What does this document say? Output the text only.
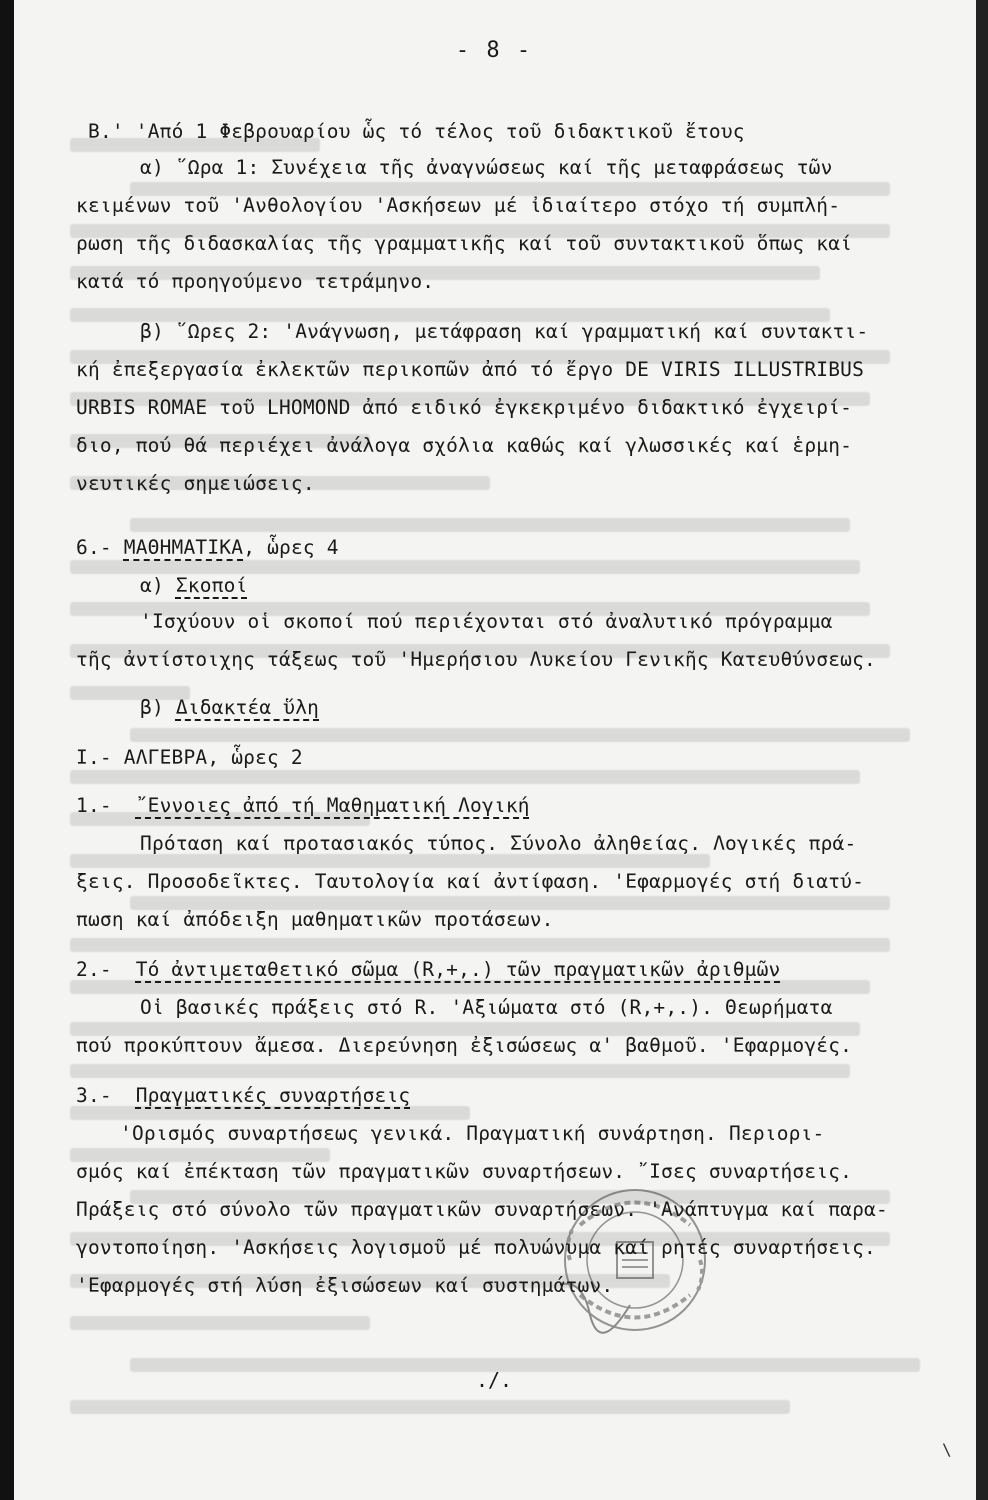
- 8 -
Β.' 'Από 1 Φεβρουαρίου ὧς τό τέλος τοῦ διδακτικοῦ ἔτους
α) ῞Ωρα 1: Συνέχεια τῆς ἀναγνώσεως καί τῆς μεταφράσεως τῶν
κειμένων τοῦ 'Ανθολογίου 'Ασκήσεων μέ ἰδιαίτερο στόχο τή συμπλή-
ρωση τῆς διδασκαλίας τῆς γραμματικῆς καί τοῦ συντακτικοῦ ὅπως καί
κατά τό προηγούμενο τετράμηνο.
β) ῞Ωρες 2: 'Ανάγνωση, μετάφραση καί γραμματική καί συντακτι-
κή ἐπεξεργασία ἐκλεκτῶν περικοπῶν ἀπό τό ἔργο DE VIRIS ILLUSTRIBUS
URBIS ROMAE τοῦ LHOMOND ἀπό ειδικό ἐγκεκριμένο διδακτικό ἐγχειρί-
διο, πού θά περιέχει ἀνάλογα σχόλια καθώς καί γλωσσικές καί ἑρμη-
νευτικές σημειώσεις.
6.- ΜΑΘΗΜΑΤΙΚΑ, ὧρες 4
α) Σκοποί
'Ισχύουν οἱ σκοποί πού περιέχονται στό ἀναλυτικό πρόγραμμα
τῆς ἀντίστοιχης τάξεως τοῦ 'Ημερήσιου Λυκείου Γενικῆς Κατευθύνσεως.
β) Διδακτέα ὕλη
Ι.- ΑΛΓΕΒΡΑ, ὧρες 2
1.- ῎Εννοιες ἀπό τή Μαθηματική Λογική
Πρόταση καί προτασιακός τύπος. Σύνολο ἀληθείας. Λογικές πρά-
ξεις. Προσοδεῖκτες. Ταυτολογία καί ἀντίφαση. 'Εφαρμογές στή διατύ-
πωση καί ἀπόδειξη μαθηματικῶν προτάσεων.
2.- Τό ἀντιμεταθετικό σῶμα (R,+,.) τῶν πραγματικῶν ἀριθμῶν
Οἱ βασικές πράξεις στό R. 'Αξιώματα στό (R,+,.). Θεωρήματα
πού προκύπτουν ἄμεσα. Διερεύνηση ἐξισώσεως α' βαθμοῦ. 'Εφαρμογές.
3.- Πραγματικές συναρτήσεις
'Ορισμός συναρτήσεως γενικά. Πραγματική συνάρτηση. Περιορι-
σμός καί ἐπέκταση τῶν πραγματικῶν συναρτήσεων. ῎Ισες συναρτήσεις.
Πράξεις στό σύνολο τῶν πραγματικῶν συναρτήσεων. 'Ανάπτυγμα καί παρα-
γοντοποίηση. 'Ασκήσεις λογισμοῦ μέ πολυώνυμα καί ρητές συναρτήσεις.
'Εφαρμογές στή λύση ἐξισώσεων καί συστημάτων.
./.
\
